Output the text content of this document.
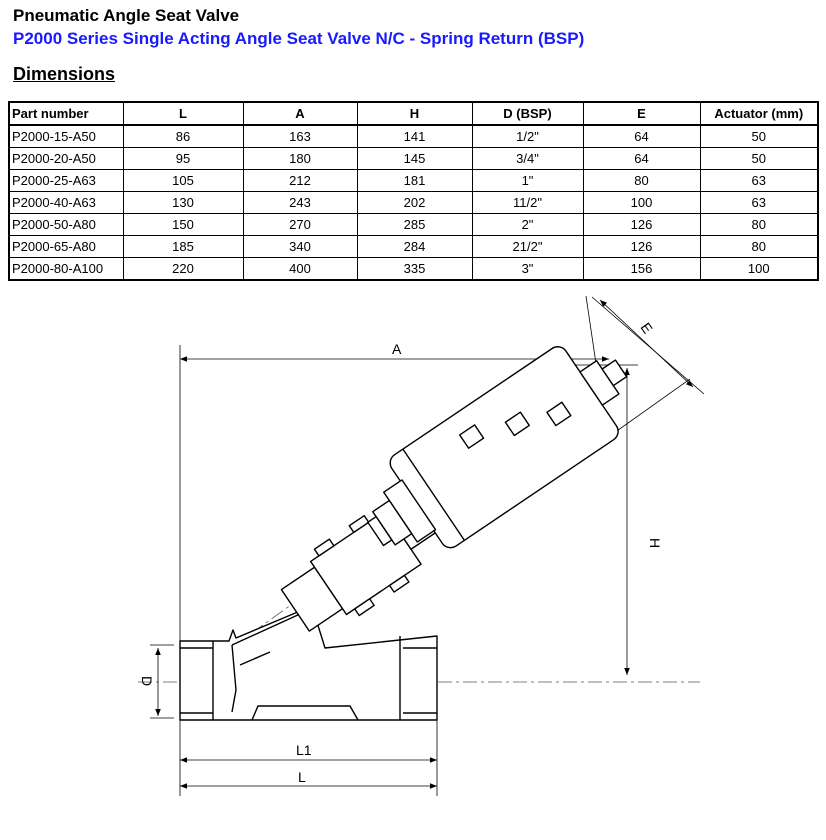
Pneumatic Angle Seat Valve
P2000 Series Single Acting Angle Seat Valve N/C - Spring Return (BSP)
Dimensions
Part number	L	A	H	D (BSP)	E	Actuator (mm)
P2000-15-A50	86	163	141	1/2"	64	50
P2000-20-A50	95	180	145	3/4"	64	50
P2000-25-A63	105	212	181	1"	80	63
P2000-40-A63	130	243	202	11/2"	100	63
P2000-50-A80	150	270	285	2"	126	80
P2000-65-A80	185	340	284	21/2"	126	80
P2000-80-A100	220	400	335	3"	156	100
A
H
D
L1
L
E
